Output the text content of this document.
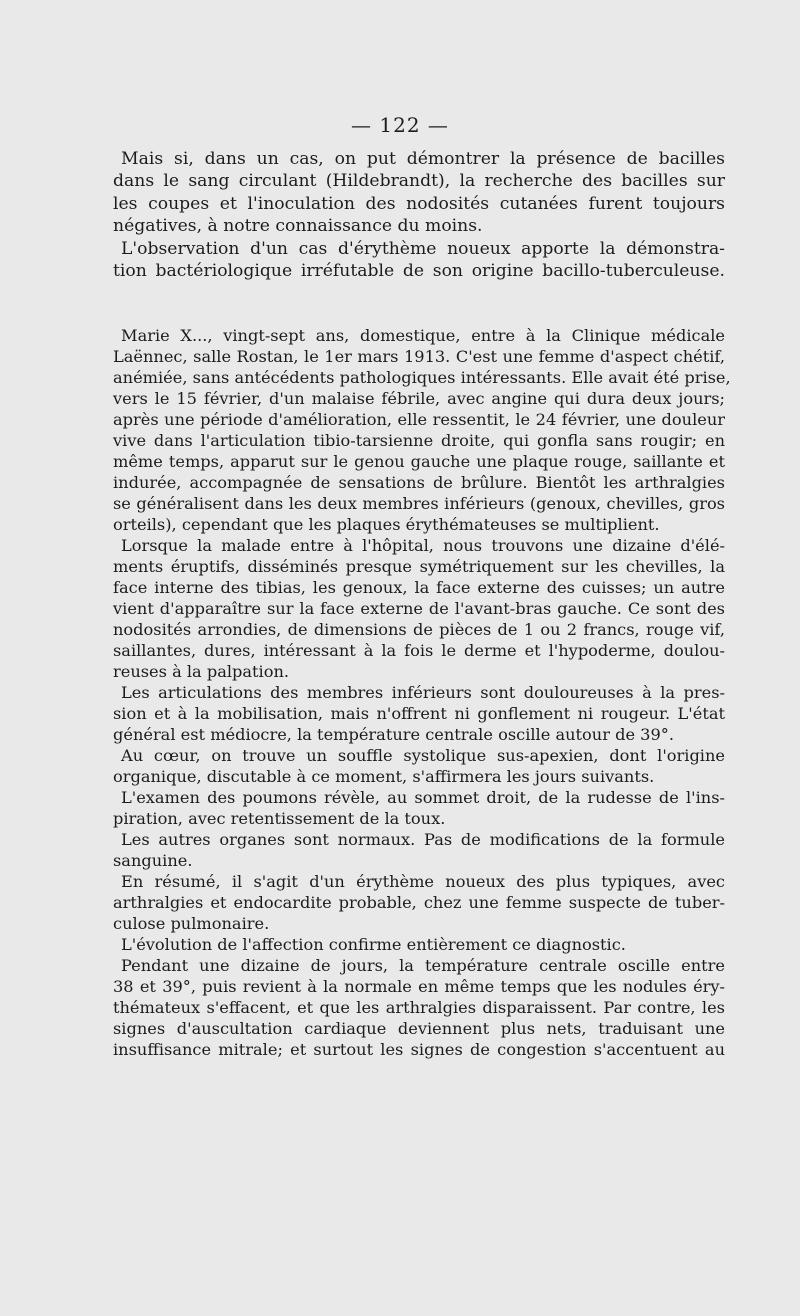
— 122 —
Mais si, dans un cas, on put démontrer la présence de bacilles
dans le sang circulant (Hildebrandt), la recherche des bacilles sur
les coupes et l'inoculation des nodosités cutanées furent toujours
négatives, à notre connaissance du moins.
L'observation d'un cas d'érythème noueux apporte la démonstra-
tion bactériologique irréfutable de son origine bacillo-tuberculeuse.
Marie X..., vingt-sept ans, domestique, entre à la Clinique médicale
Laënnec, salle Rostan, le 1er mars 1913. C'est une femme d'aspect chétif,
anémiée, sans antécédents pathologiques intéressants. Elle avait été prise,
vers le 15 février, d'un malaise fébrile, avec angine qui dura deux jours;
après une période d'amélioration, elle ressentit, le 24 février, une douleur
vive dans l'articulation tibio-tarsienne droite, qui gonfla sans rougir; en
même temps, apparut sur le genou gauche une plaque rouge, saillante et
indurée, accompagnée de sensations de brûlure. Bientôt les arthralgies
se généralisent dans les deux membres inférieurs (genoux, chevilles, gros
orteils), cependant que les plaques érythémateuses se multiplient.
Lorsque la malade entre à l'hôpital, nous trouvons une dizaine d'élé-
ments éruptifs, disséminés presque symétriquement sur les chevilles, la
face interne des tibias, les genoux, la face externe des cuisses; un autre
vient d'apparaître sur la face externe de l'avant-bras gauche. Ce sont des
nodosités arrondies, de dimensions de pièces de 1 ou 2 francs, rouge vif,
saillantes, dures, intéressant à la fois le derme et l'hypoderme, doulou-
reuses à la palpation.
Les articulations des membres inférieurs sont douloureuses à la pres-
sion et à la mobilisation, mais n'offrent ni gonflement ni rougeur. L'état
général est médiocre, la température centrale oscille autour de 39°.
Au cœur, on trouve un souffle systolique sus-apexien, dont l'origine
organique, discutable à ce moment, s'affirmera les jours suivants.
L'examen des poumons révèle, au sommet droit, de la rudesse de l'ins-
piration, avec retentissement de la toux.
Les autres organes sont normaux. Pas de modifications de la formule
sanguine.
En résumé, il s'agit d'un érythème noueux des plus typiques, avec
arthralgies et endocardite probable, chez une femme suspecte de tuber-
culose pulmonaire.
L'évolution de l'affection confirme entièrement ce diagnostic.
Pendant une dizaine de jours, la température centrale oscille entre
38 et 39°, puis revient à la normale en même temps que les nodules éry-
thémateux s'effacent, et que les arthralgies disparaissent. Par contre, les
signes d'auscultation cardiaque deviennent plus nets, traduisant une
insuffisance mitrale; et surtout les signes de congestion s'accentuent au
